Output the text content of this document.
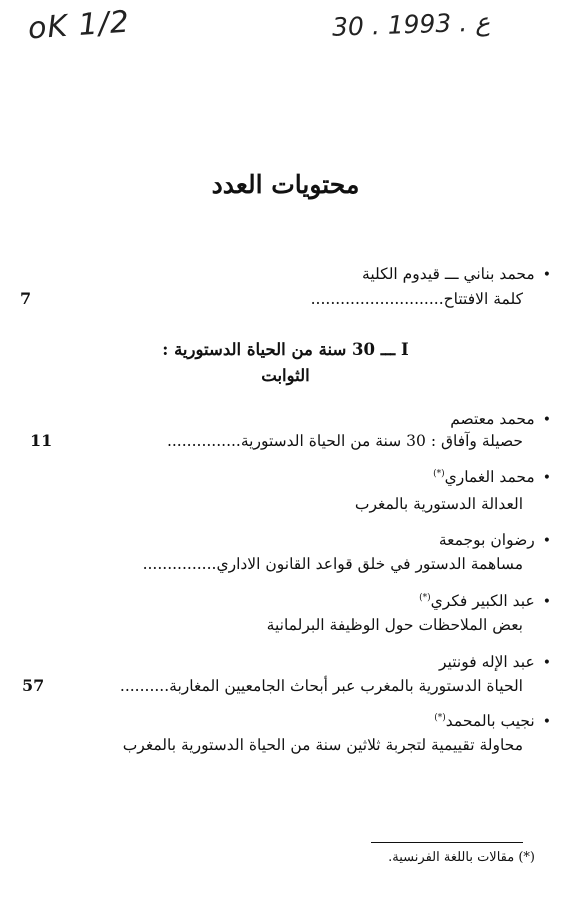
oK 1/2	30 . ع . 1993
محتويات العدد
•محمد بناني ـــ قيدوم الكلية
كلمة الافتتاح...........................
7
I ـــ 30 سنة من الحياة الدستورية :
الثوابت
•محمد معتصم
حصيلة وآفاق : 30 سنة من الحياة الدستورية...............
11
•محمد الغماري(*)
العدالة الدستورية بالمغرب
•رضوان بوجمعة
مساهمة الدستور في خلق قواعد القانون الاداري...............
•عبد الكبير فكري(*)
بعض الملاحظات حول الوظيفة البرلمانية
•عبد الإله فونتير
الحياة الدستورية بالمغرب عبر أبحاث الجامعيين المغاربة..........
57
•نجيب بالمحمد(*)
محاولة تقييمية لتجربة ثلاثين سنة من الحياة الدستورية بالمغرب
(*) مقالات باللغة الفرنسية.
